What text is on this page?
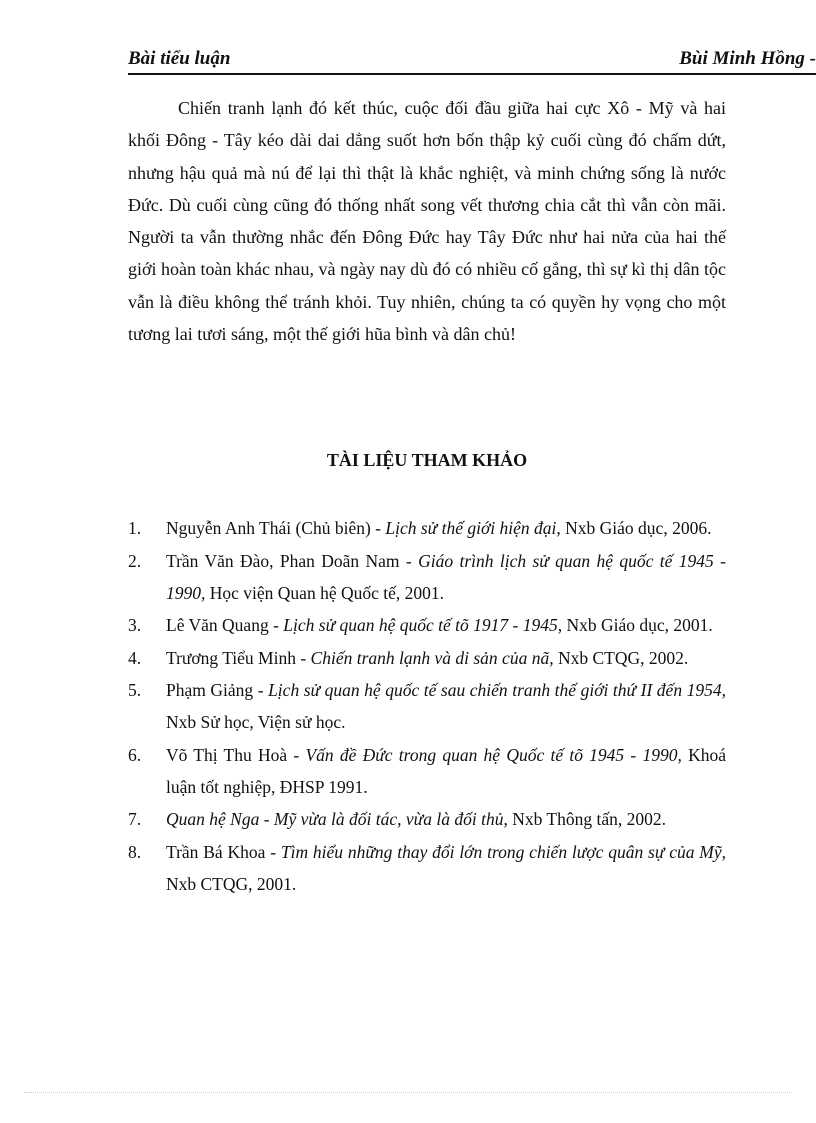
Bài tiểu luận	Bùi Minh Hồng -

Chiến tranh lạnh đó kết thúc, cuộc đối đầu giữa hai cực Xô - Mỹ và hai khối Đông - Tây kéo dài dai dẳng suốt hơn bốn thập kỷ cuối cùng đó chấm dứt, nhưng hậu quả mà nú để lại thì thật là khắc nghiệt, và minh chứng sống là nước Đức. Dù cuối cùng cũng đó thống nhất song vết thương chia cắt thì vẫn còn mãi. Người ta vẫn thường nhắc đến Đông Đức hay Tây Đức như hai nửa của hai thế giới hoàn toàn khác nhau, và ngày nay dù đó có nhiều cố gắng, thì sự kì thị dân tộc vẫn là điều không thể tránh khỏi. Tuy nhiên, chúng ta có quyền hy vọng cho một tương lai tươi sáng, một thế giới hũa bình và dân chủ!

TÀI LIỆU THAM KHẢO
1.	Nguyễn Anh Thái (Chủ biên) - Lịch sử thế giới hiện đại, Nxb Giáo dục, 2006.
2.	Trần Văn Đào, Phan Doãn Nam - Giáo trình lịch sử quan hệ quốc tế 1945 - 1990, Học viện Quan hệ Quốc tế, 2001.
3.	Lê Văn Quang - Lịch sử quan hệ quốc tế tõ 1917 - 1945, Nxb Giáo dục, 2001.
4.	Trương Tiểu Minh - Chiến tranh lạnh và di sản của nã, Nxb CTQG, 2002.
5.	Phạm Giảng - Lịch sử quan hệ quốc tế sau chiến tranh thế giới thứ II đến 1954, Nxb Sử học, Viện sử học.
6.	Võ Thị Thu Hoà - Vấn đề Đức trong quan hệ Quốc tế tõ 1945 - 1990, Khoá luận tốt nghiệp, ĐHSP 1991.
7.	Quan hệ Nga - Mỹ vừa là đối tác, vừa là đối thủ, Nxb Thông tấn, 2002.
8.	Trần Bá Khoa - Tìm hiểu những thay đổi lớn trong chiến lược quân sự của Mỹ, Nxb CTQG, 2001.
